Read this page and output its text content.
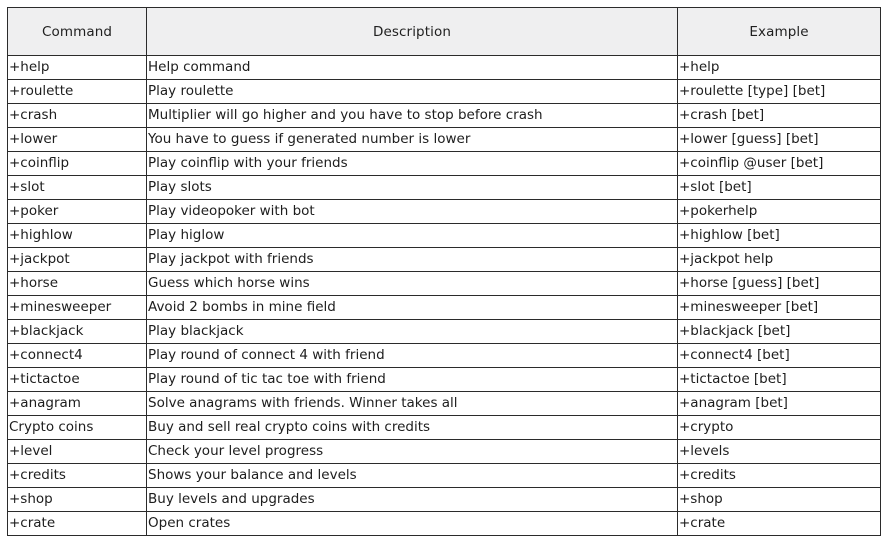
Command	Description	Example
+help	Help command	+help
+roulette	Play roulette	+roulette [type] [bet]
+crash	Multiplier will go higher and you have to stop before crash	+crash [bet]
+lower	You have to guess if generated number is lower	+lower [guess] [bet]
+coinflip	Play coinflip with your friends	+coinflip @user [bet]
+slot	Play slots	+slot [bet]
+poker	Play videopoker with bot	+pokerhelp
+highlow	Play higlow	+highlow [bet]
+jackpot	Play jackpot with friends	+jackpot help
+horse	Guess which horse wins	+horse [guess] [bet]
+minesweeper	Avoid 2 bombs in mine field	+minesweeper [bet]
+blackjack	Play blackjack	+blackjack [bet]
+connect4	Play round of connect 4 with friend	+connect4 [bet]
+tictactoe	Play round of tic tac toe with friend	+tictactoe [bet]
+anagram	Solve anagrams with friends. Winner takes all	+anagram [bet]
Crypto coins	Buy and sell real crypto coins with credits	+crypto
+level	Check your level progress	+levels
+credits	Shows your balance and levels	+credits
+shop	Buy levels and upgrades	+shop
+crate	Open crates	+crate
